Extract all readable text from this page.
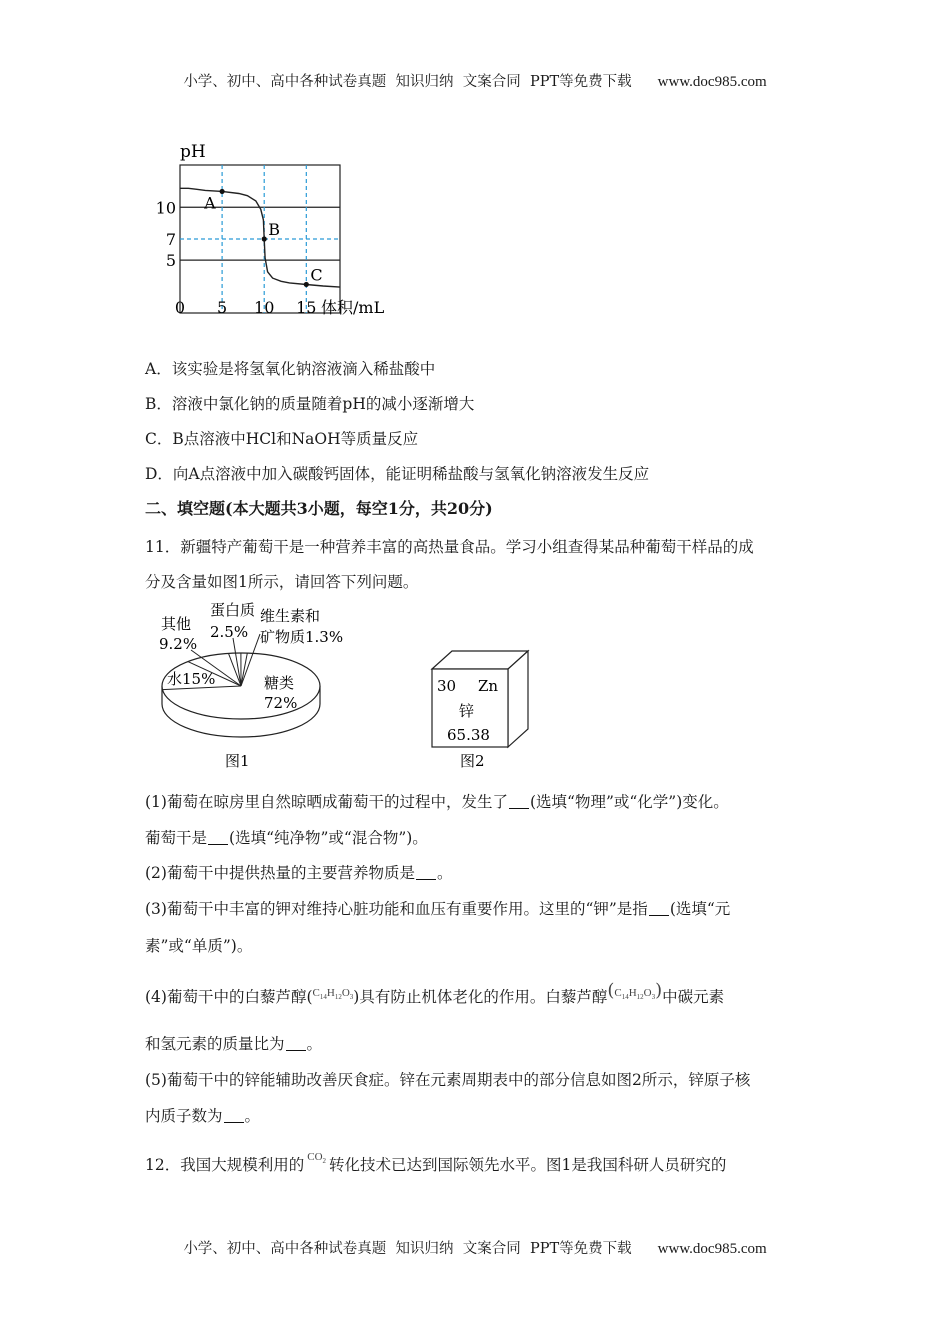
小学、初中、高中各种试卷真题  知识归纳  文案合同  PPT等免费下载 www.doc985.com
pH
10
7
5
0 5 10 15
A
B
C
体积/mL
A．该实验是将氢氧化钠溶液滴入稀盐酸中
B．溶液中氯化钠的质量随着pH的减小逐渐增大
C．B点溶液中HCl和NaOH等质量反应
D．向A点溶液中加入碳酸钙固体，能证明稀盐酸与氢氧化钠溶液发生反应
二、填空题(本大题共3小题，每空1分，共20分)
11．新疆特产葡萄干是一种营养丰富的高热量食品。学习小组查得某品种葡萄干样品的成
分及含量如图1所示，请回答下列问题。
糖类
72%
水15%
其他
9.2%
蛋白质
2.5%
维生素和
矿物质1.3%
图1
30 Zn
锌
65.38
图2
(1)葡萄在晾房里自然晾晒成葡萄干的过程中，发生了 (选填“物理”或“化学”)变化。
葡萄干是 (选填“纯净物”或“混合物”)。
(2)葡萄干中提供热量的主要营养物质是 。
(3)葡萄干中丰富的钾对维持心脏功能和血压有重要作用。这里的“钾”是指 (选填“元
素”或“单质”)。
(4)葡萄干中的白藜芦醇$(C_{14}H_{12}O_3)$具有防止机体老化的作用。白藜芦醇$(C_{14}H_{12}O_3)$中碳元素
和氢元素的质量比为 。
(5)葡萄干中的锌能辅助改善厌食症。锌在元素周期表中的部分信息如图2所示，锌原子核
内质子数为 。
12．我国大规模利用的 $CO_2$ 转化技术已达到国际领先水平。图1是我国科研人员研究的
小学、初中、高中各种试卷真题  知识归纳  文案合同  PPT等免费下载 www.doc985.com
